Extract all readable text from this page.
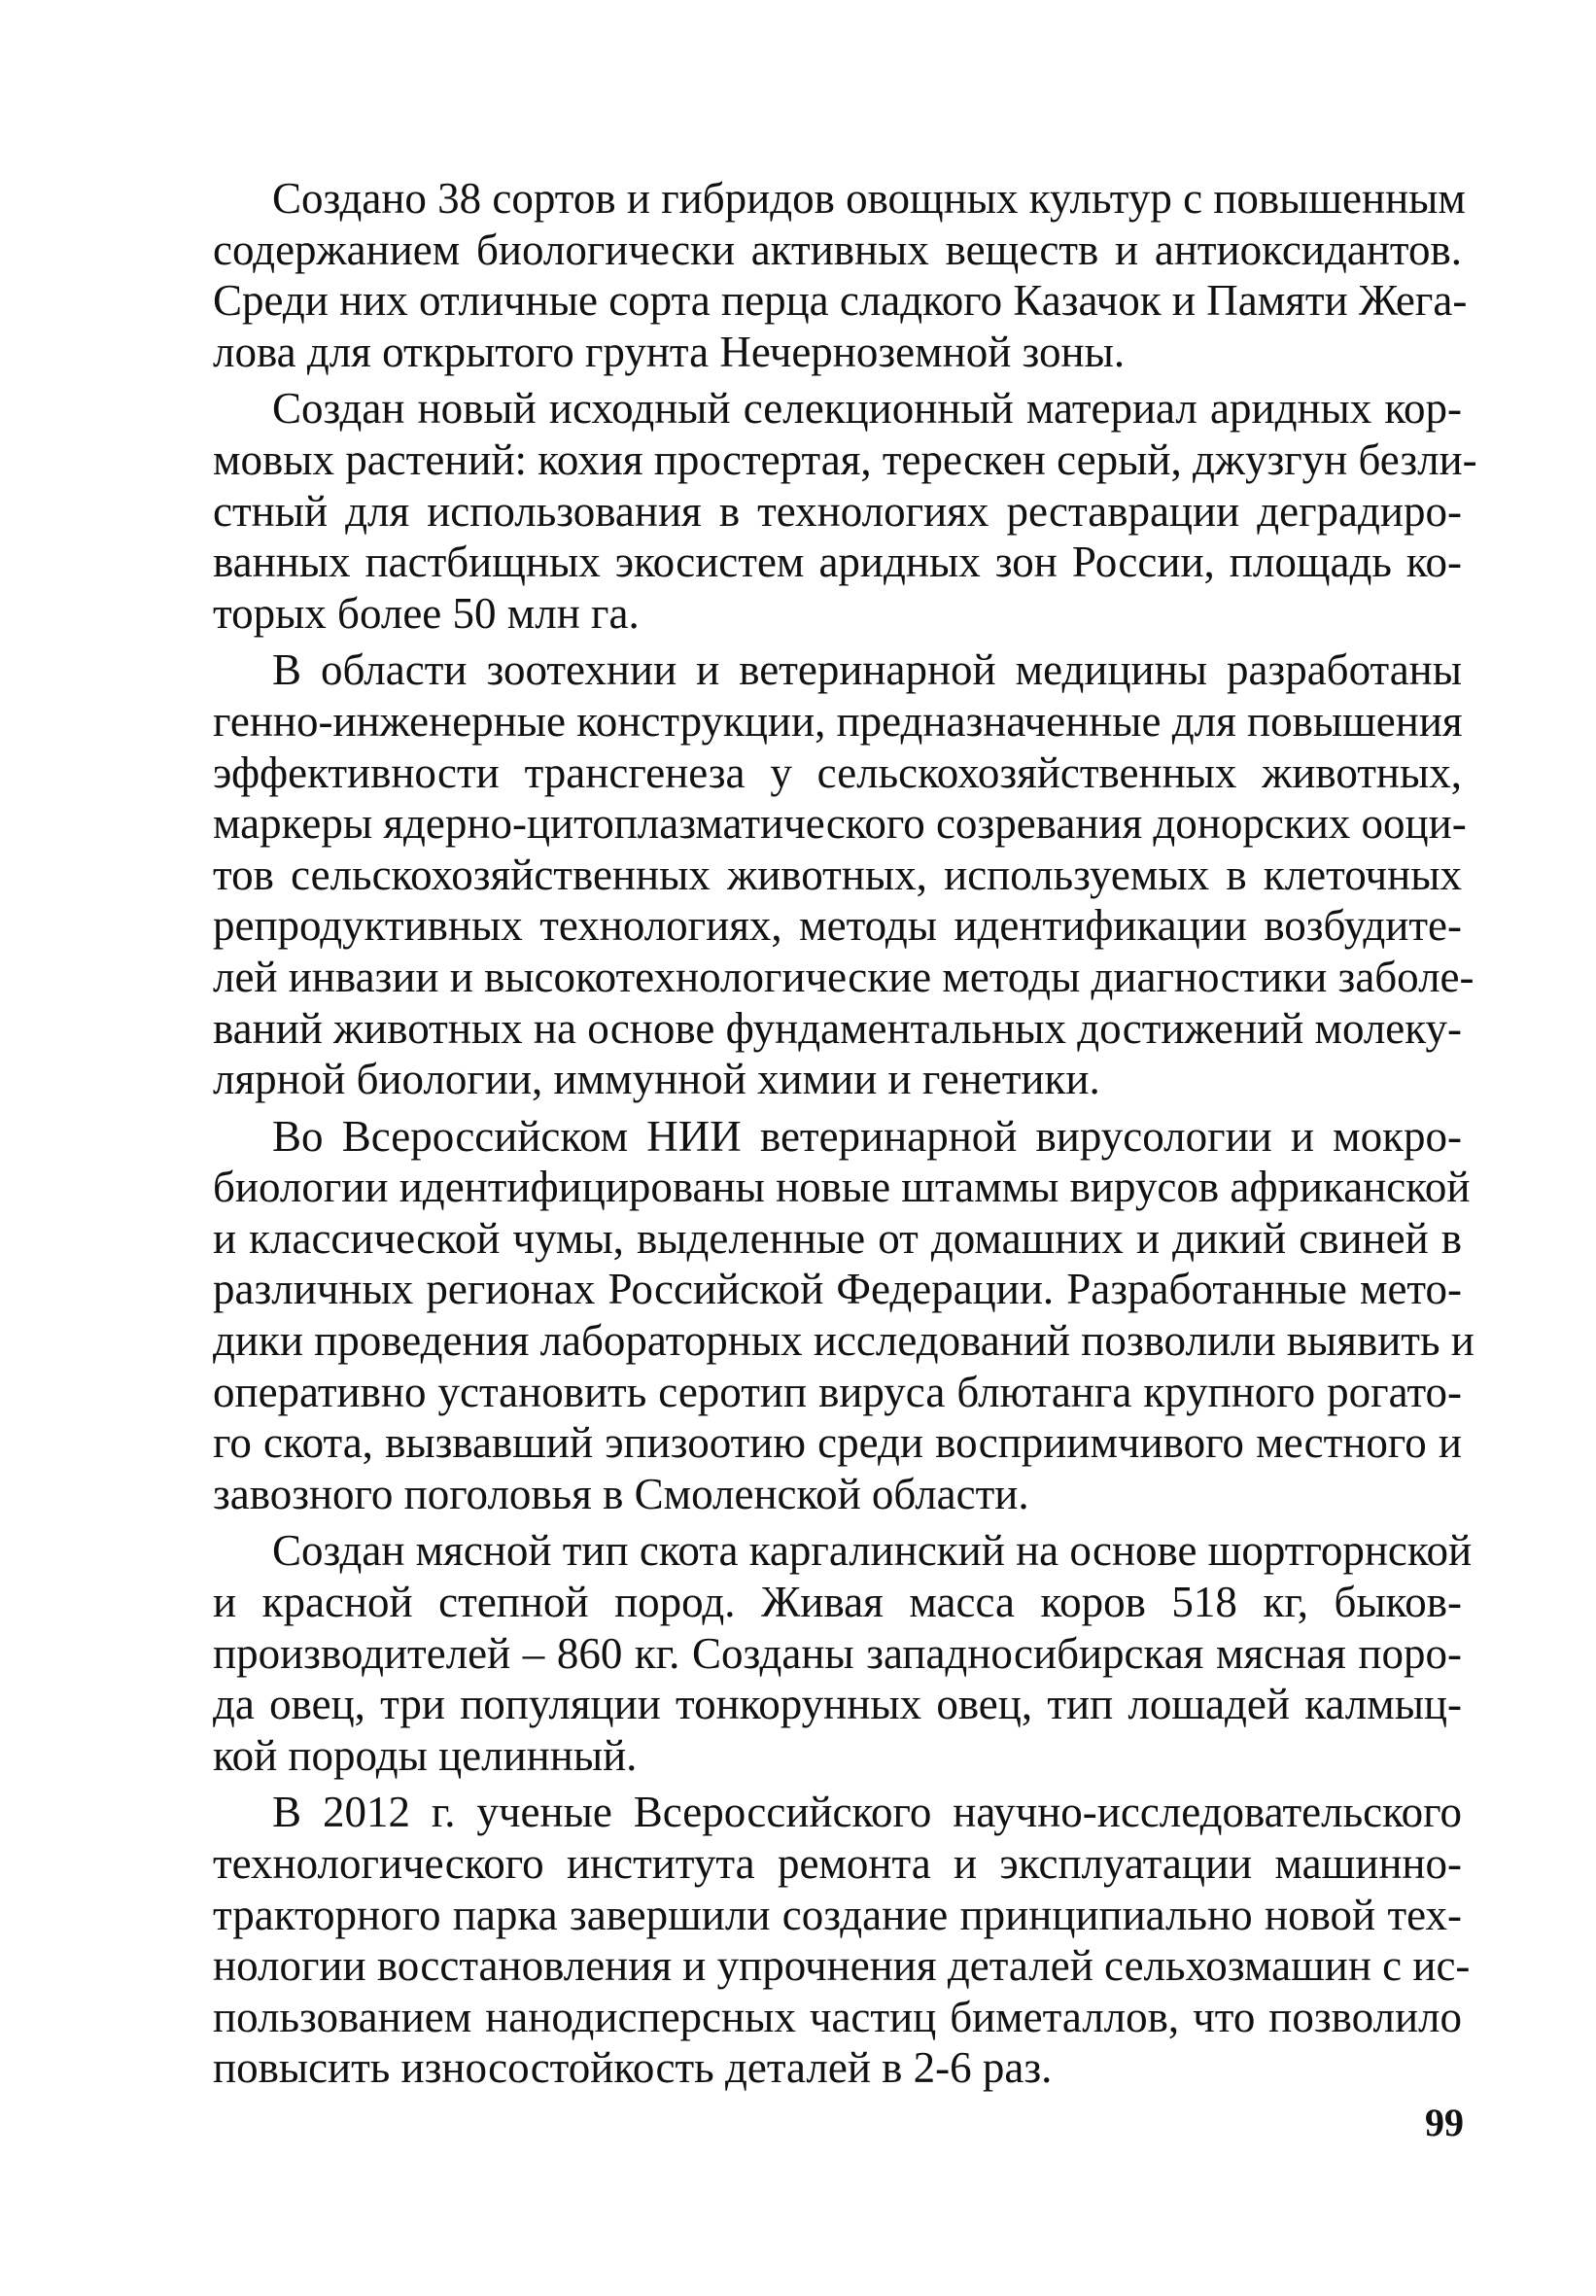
Создано 38 сортов и гибридов овощных культур с повышенным
содержанием биологически активных веществ и антиоксидантов.
Среди них отличные сорта перца сладкого Казачок и Памяти Жега-
лова для открытого грунта Нечерноземной зоны.

Создан новый исходный селекционный материал аридных кор-
мовых растений: кохия простертая, терескен серый, джузгун безли-
стный для использования в технологиях реставрации деградиро-
ванных пастбищных экосистем аридных зон России, площадь ко-
торых более 50 млн га.

В области зоотехнии и ветеринарной медицины разработаны
генно-инженерные конструкции, предназначенные для повышения
эффективности трансгенеза у сельскохозяйственных животных,
маркеры ядерно-цитоплазматического созревания донорских ооци-
тов сельскохозяйственных животных, используемых в клеточных
репродуктивных технологиях, методы идентификации возбудите-
лей инвазии и высокотехнологические методы диагностики заболе-
ваний животных на основе фундаментальных достижений молеку-
лярной биологии, иммунной химии и генетики.

Во Всероссийском НИИ ветеринарной вирусологии и мокро-
биологии идентифицированы новые штаммы вирусов африканской
и классической чумы, выделенные от домашних и дикий свиней в
различных регионах Российской Федерации. Разработанные мето-
дики проведения лабораторных исследований позволили выявить и
оперативно установить серотип вируса блютанга крупного рогато-
го скота, вызвавший эпизоотию среди восприимчивого местного и
завозного поголовья в Смоленской области.

Создан мясной тип скота каргалинский на основе шортгорнской
и красной степной пород. Живая масса коров 518 кг, быков-
производителей – 860 кг. Созданы западносибирская мясная поро-
да овец, три популяции тонкорунных овец, тип лошадей калмыц-
кой породы целинный.

В 2012 г. ученые Всероссийского научно-исследовательского
технологического института ремонта и эксплуатации машинно-
тракторного парка завершили создание принципиально новой тех-
нологии восстановления и упрочнения деталей сельхозмашин с ис-
пользованием нанодисперсных частиц биметаллов, что позволило
повысить износостойкость деталей в 2-6 раз.

99
